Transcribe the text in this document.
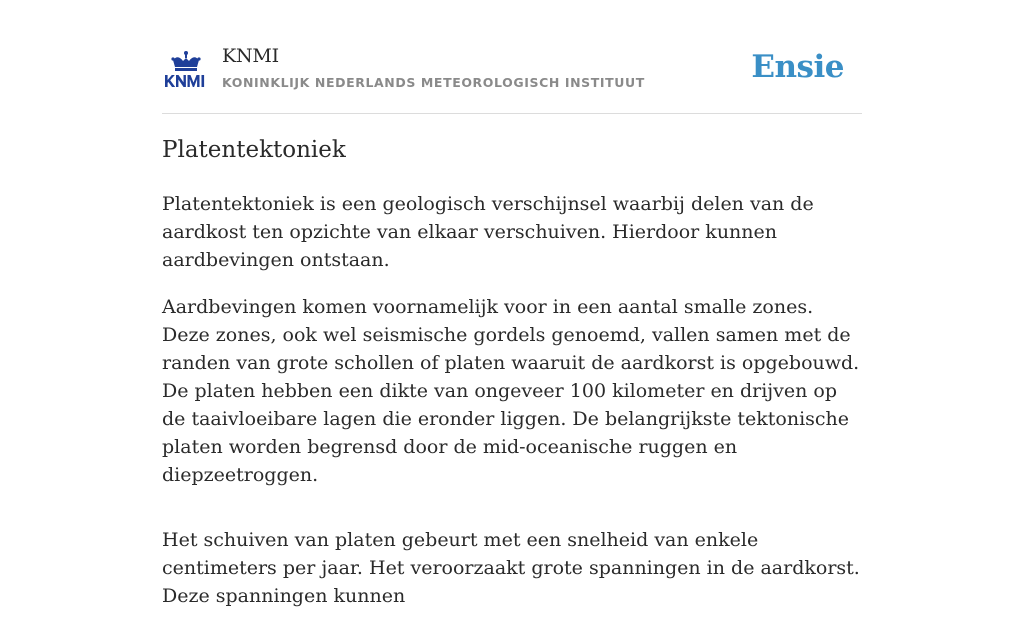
KNMI
KONINKLIJK NEDERLANDS METEOROLOGISCH INSTITUUT	Ensie
Platentektoniek

Platentektoniek is een geologisch verschijnsel waarbij delen van de aardkost ten opzichte van elkaar verschuiven. Hierdoor kunnen aardbevingen ontstaan.

Aardbevingen komen voornamelijk voor in een aantal smalle zones. Deze zones, ook wel seismische gordels genoemd, vallen samen met de randen van grote schollen of platen waaruit de aardkorst is opgebouwd. De platen hebben een dikte van ongeveer 100 kilometer en drijven op de taaivloeibare lagen die eronder liggen. De belangrijkste tektonische platen worden begrensd door de mid-oceanische ruggen en diepzeetroggen.

Het schuiven van platen gebeurt met een snelheid van enkele centimeters per jaar. Het veroorzaakt grote spanningen in de aardkorst. Deze spanningen kunnen
